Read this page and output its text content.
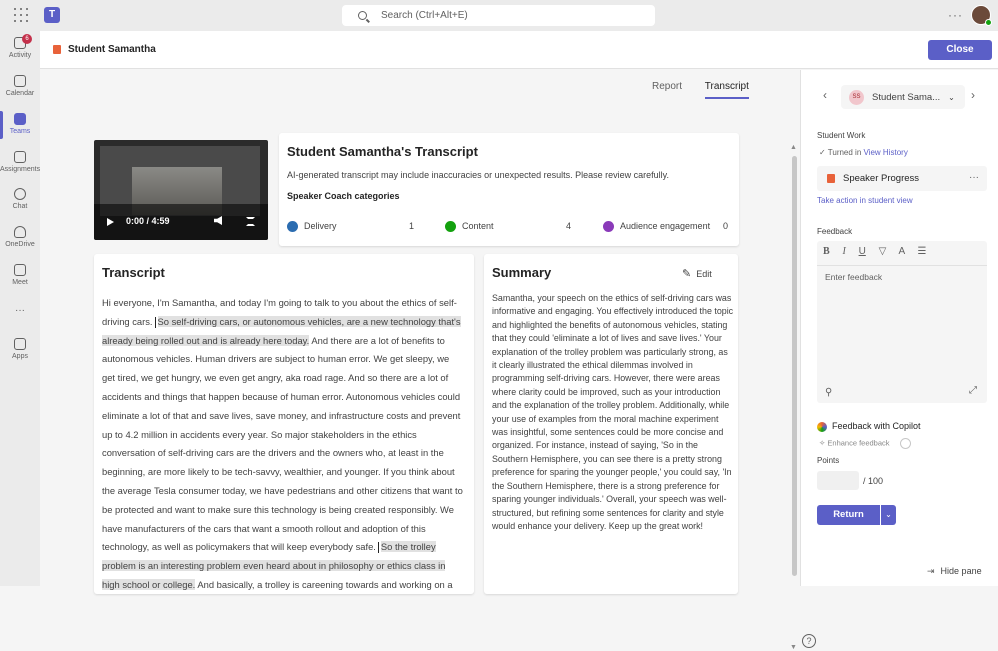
T	Search (Ctrl+Alt+E)	···
6
Activity
Calendar
Teams
Assignments
Chat
OneDrive
Meet
···
Apps
Student Samantha	Close
Report Transcript
0:00 / 4:59
Student Samantha's Transcript
AI-generated transcript may include inaccuracies or unexpected results. Please review carefully.
Speaker Coach categories
Delivery	1	Content	4	Audience engagement 0
Transcript
Hi everyone, I'm Samantha, and today I'm going to talk to you about the ethics of self-driving cars. So self-driving cars, or autonomous vehicles, are a new technology that's already being rolled out and is already here today. And there are a lot of benefits to autonomous vehicles. Human drivers are subject to human error. We get sleepy, we get tired, we get hungry, we even get angry, aka road rage. And so there are a lot of accidents and things that happen because of human error. Autonomous vehicles could eliminate a lot of that and save lives, save money, and infrastructure costs and prevent up to 4.2 million in accidents every year. So major stakeholders in the ethics conversation of self-driving cars are the drivers and the owners who, at least in the beginning, are more likely to be tech-savvy, wealthier, and younger. If you think about the average Tesla consumer today, we have pedestrians and other citizens that want to be protected and want to make sure this technology is being created responsibly. We have manufacturers of the cars that want a smooth rollout and adoption of this technology, as well as policymakers that will keep everybody safe. So the trolley problem is an interesting problem even heard about in philosophy or ethics class in high school or college. And basically, a trolley is careening towards and working on a
Summary
✎	Edit
Samantha, your speech on the ethics of self-driving cars was informative and engaging. You effectively introduced the topic and highlighted the benefits of autonomous vehicles, stating that they could 'eliminate a lot of lives and save lives.' Your explanation of the trolley problem was particularly strong, as it clearly illustrated the ethical dilemmas involved in programming self-driving cars. However, there were areas where clarity could be improved, such as your introduction and the explanation of the trolley problem. Additionally, while your use of examples from the moral machine experiment was insightful, some sentences could be more concise and organized. For instance, instead of saying, 'So in the Southern Hemisphere, you can see there is a pretty strong preference for sparing the younger people,' you could say, 'In the Southern Hemisphere, there is a strong preference for sparing younger individuals.' Overall, your speech was well-structured, but refining some sentences for clarity and style would enhance your delivery. Keep up the great work!
▲
▼
?
‹	SS	Student Sama... ⌄ ›
Student Work
✓ Turned in View History
Speaker Progress	···
Take action in student view
Feedback
B I U ▽ A ☰
Enter feedback
⚲	⤢
Feedback with Copilot
✧ Enhance feedback
Points
/ 100
Return	⌄
⇥ Hide pane
